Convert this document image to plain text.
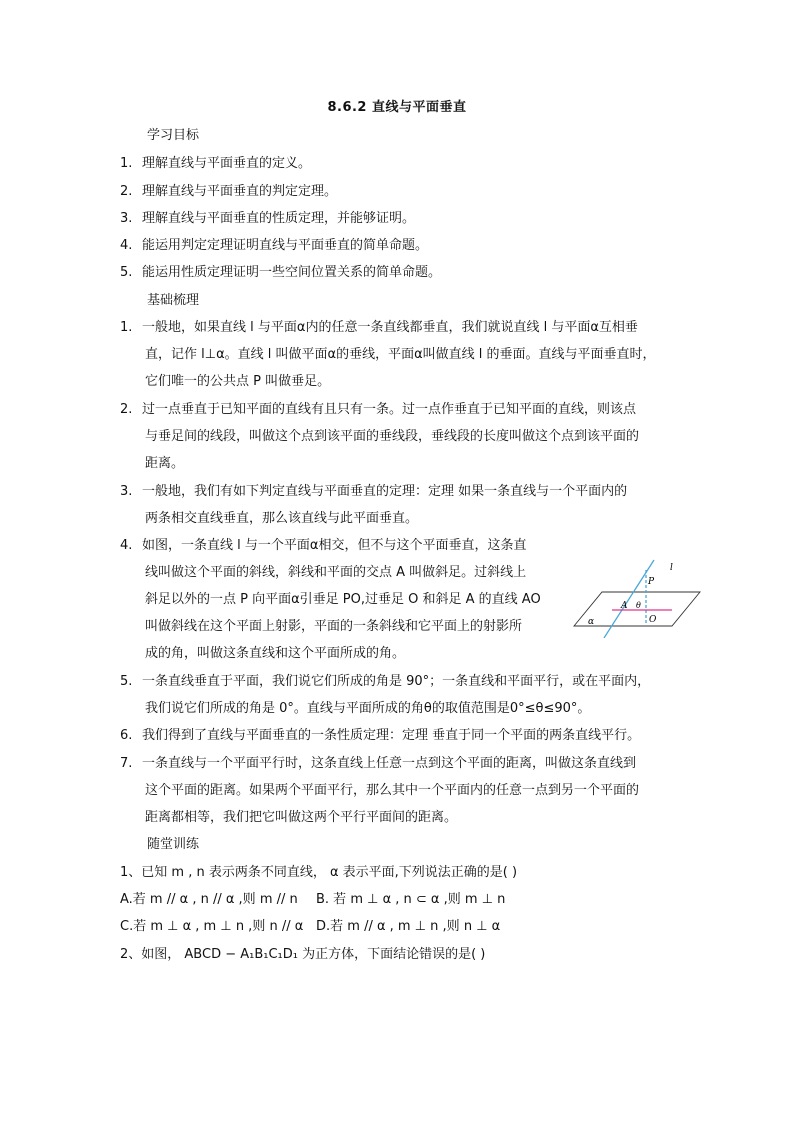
8.6.2 直线与平面垂直
学习目标
1. 理解直线与平面垂直的定义。
2. 理解直线与平面垂直的判定定理。
3. 理解直线与平面垂直的性质定理，并能够证明。
4. 能运用判定定理证明直线与平面垂直的简单命题。
5. 能运用性质定理证明一些空间位置关系的简单命题。
基础梳理
1. 一般地，如果直线 l 与平面α内的任意一条直线都垂直，我们就说直线 l 与平面α互相垂
直，记作 l⊥α。直线 l 叫做平面α的垂线，平面α叫做直线 l 的垂面。直线与平面垂直时，
它们唯一的公共点 P 叫做垂足。
2. 过一点垂直于已知平面的直线有且只有一条。过一点作垂直于已知平面的直线，则该点
与垂足间的线段，叫做这个点到该平面的垂线段，垂线段的长度叫做这个点到该平面的
距离。
3. 一般地，我们有如下判定直线与平面垂直的定理：定理 如果一条直线与一个平面内的
两条相交直线垂直，那么该直线与此平面垂直。
4. 如图，一条直线 l 与一个平面α相交，但不与这个平面垂直，这条直
线叫做这个平面的斜线，斜线和平面的交点 A 叫做斜足。过斜线上
斜足以外的一点 P 向平面α引垂足 PO,过垂足 O 和斜足 A 的直线 AO
叫做斜线在这个平面上射影，平面的一条斜线和它平面上的射影所
成的角，叫做这条直线和这个平面所成的角。
l
P
A θ
O
α
5. 一条直线垂直于平面，我们说它们所成的角是 90°；一条直线和平面平行，或在平面内，
我们说它们所成的角是 0°。直线与平面所成的角θ的取值范围是0°≤θ≤90°。
6. 我们得到了直线与平面垂直的一条性质定理：定理 垂直于同一个平面的两条直线平行。
7. 一条直线与一个平面平行时，这条直线上任意一点到这个平面的距离，叫做这条直线到
这个平面的距离。如果两个平面平行，那么其中一个平面内的任意一点到另一个平面的
距离都相等，我们把它叫做这两个平行平面间的距离。
随堂训练
1、已知 m , n 表示两条不同直线， α 表示平面,下列说法正确的是( )
A.若 m // α , n // α ,则 m // n B. 若 m ⊥ α , n ⊂ α ,则 m ⊥ n
C.若 m ⊥ α , m ⊥ n ,则 n // α D.若 m // α , m ⊥ n ,则 n ⊥ α
2、如图， ABCD − A₁B₁C₁D₁ 为正方体，下面结论错误的是( )
